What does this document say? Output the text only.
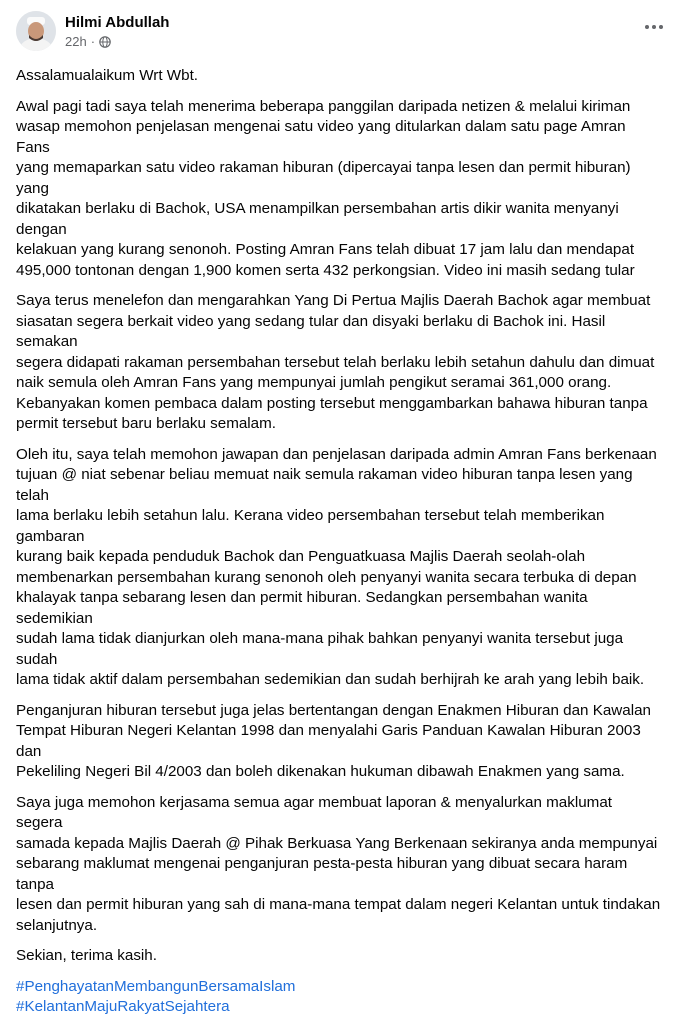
Hilmi Abdullah
22h ·

Assalamualaikum Wrt Wbt.

Awal pagi tadi saya telah menerima beberapa panggilan daripada netizen & melalui kiriman
wasap memohon penjelasan mengenai satu video yang ditularkan dalam satu page Amran Fans
yang memaparkan satu video rakaman hiburan (dipercayai tanpa lesen dan permit hiburan) yang
dikatakan berlaku di Bachok, USA menampilkan persembahan artis dikir wanita menyanyi dengan
kelakuan yang kurang senonoh. Posting Amran Fans telah dibuat 17 jam lalu dan mendapat
495,000 tontonan dengan 1,900 komen serta 432 perkongsian. Video ini masih sedang tular

Saya terus menelefon dan mengarahkan Yang Di Pertua Majlis Daerah Bachok agar membuat
siasatan segera berkait video yang sedang tular dan disyaki berlaku di Bachok ini. Hasil semakan
segera didapati rakaman persembahan tersebut telah berlaku lebih setahun dahulu dan dimuat
naik semula oleh Amran Fans yang mempunyai jumlah pengikut seramai 361,000 orang.
Kebanyakan komen pembaca dalam posting tersebut menggambarkan bahawa hiburan tanpa
permit tersebut baru berlaku semalam.

Oleh itu, saya telah memohon jawapan dan penjelasan daripada admin Amran Fans berkenaan
tujuan @ niat sebenar beliau memuat naik semula rakaman video hiburan tanpa lesen yang telah
lama berlaku lebih setahun lalu. Kerana video persembahan tersebut telah memberikan gambaran
kurang baik kepada penduduk Bachok dan Penguatkuasa Majlis Daerah seolah-olah
membenarkan persembahan kurang senonoh oleh penyanyi wanita secara terbuka di depan
khalayak tanpa sebarang lesen dan permit hiburan. Sedangkan persembahan wanita sedemikian
sudah lama tidak dianjurkan oleh mana-mana pihak bahkan penyanyi wanita tersebut juga sudah
lama tidak aktif dalam persembahan sedemikian dan sudah berhijrah ke arah yang lebih baik.

Penganjuran hiburan tersebut juga jelas bertentangan dengan Enakmen Hiburan dan Kawalan
Tempat Hiburan Negeri Kelantan 1998 dan menyalahi Garis Panduan Kawalan Hiburan 2003 dan
Pekeliling Negeri Bil 4/2003 dan boleh dikenakan hukuman dibawah Enakmen yang sama.

Saya juga memohon kerjasama semua agar membuat laporan & menyalurkan maklumat segera
samada kepada Majlis Daerah @ Pihak Berkuasa Yang Berkenaan sekiranya anda mempunyai
sebarang maklumat mengenai penganjuran pesta-pesta hiburan yang dibuat secara haram tanpa
lesen dan permit hiburan yang sah di mana-mana tempat dalam negeri Kelantan untuk tindakan
selanjutnya.

Sekian, terima kasih.

#PenghayatanMembangunBersamaIslam
#KelantanMajuRakyatSejahtera
